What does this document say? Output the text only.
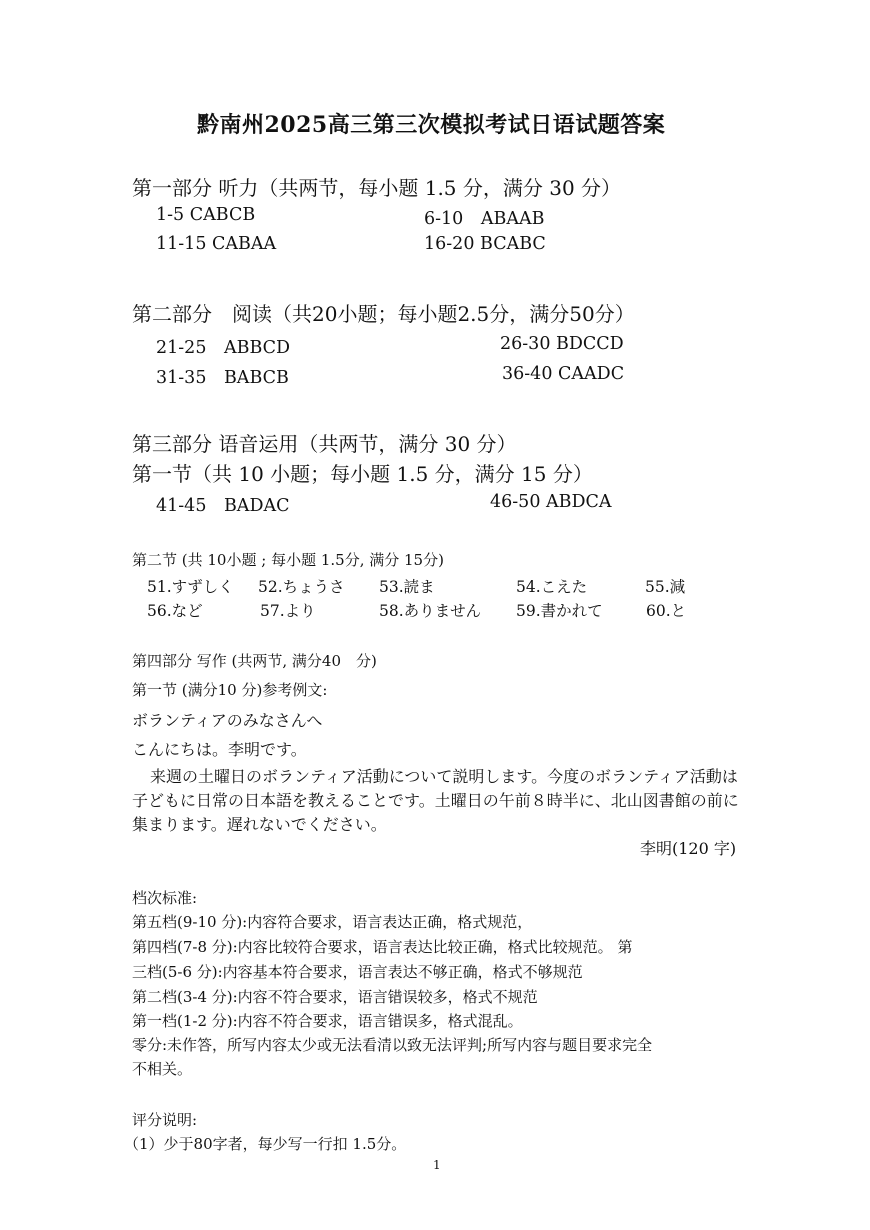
黔南州2025高三第三次模拟考试日语试题答案
第一部分 听力（共两节，每小题 1.5 分，满分 30 分）
1-5 CABCB	6-10　ABAAB
11-15 CABAA	16-20 BCABC
第二部分　阅读（共20小题；每小题2.5分，满分50分）
21-25　ABBCD	26-30 BDCCD
31-35　BABCB	36-40 CAADC
第三部分 语音运用（共两节，满分 30 分）
第一节（共 10 小题；每小题 1.5 分，满分 15 分）
41-45　BADAC	46-50 ABDCA
第二节 (共 10小题 ; 每小题 1.5分, 满分 15分)
51.すずしく 52.ちょうさ 53.読ま	54.こえた	55.減
56.など	57.より	58.ありません 59.書かれて	60.と
第四部分 写作 (共两节, 满分40　分)
第一节 (满分10 分)参考例文:
ボランティアのみなさんへ
こんにちは。李明です。
来週の土曜日のボランティア活動について説明します。今度のボランティア活動は子どもに日常の日本語を教えることです。土曜日の午前８時半に、北山図書館の前に集まります。遅れないでください。
李明(120 字)
档次标准:
第五档(9-10 分):内容符合要求，语言表达正确，格式规范，
第四档(7-8 分):内容比较符合要求，语言表达比较正确，格式比较规范。 第
三档(5-6 分):内容基本符合要求，语言表达不够正确，格式不够规范
第二档(3-4 分):内容不符合要求，语言错误较多，格式不规范
第一档(1-2 分):内容不符合要求，语言错误多，格式混乱。
零分:未作答，所写内容太少或无法看清以致无法评判;所写内容与题目要求完全
不相关。
评分说明:
（1）少于80字者，每少写一行扣 1.5分。
1
